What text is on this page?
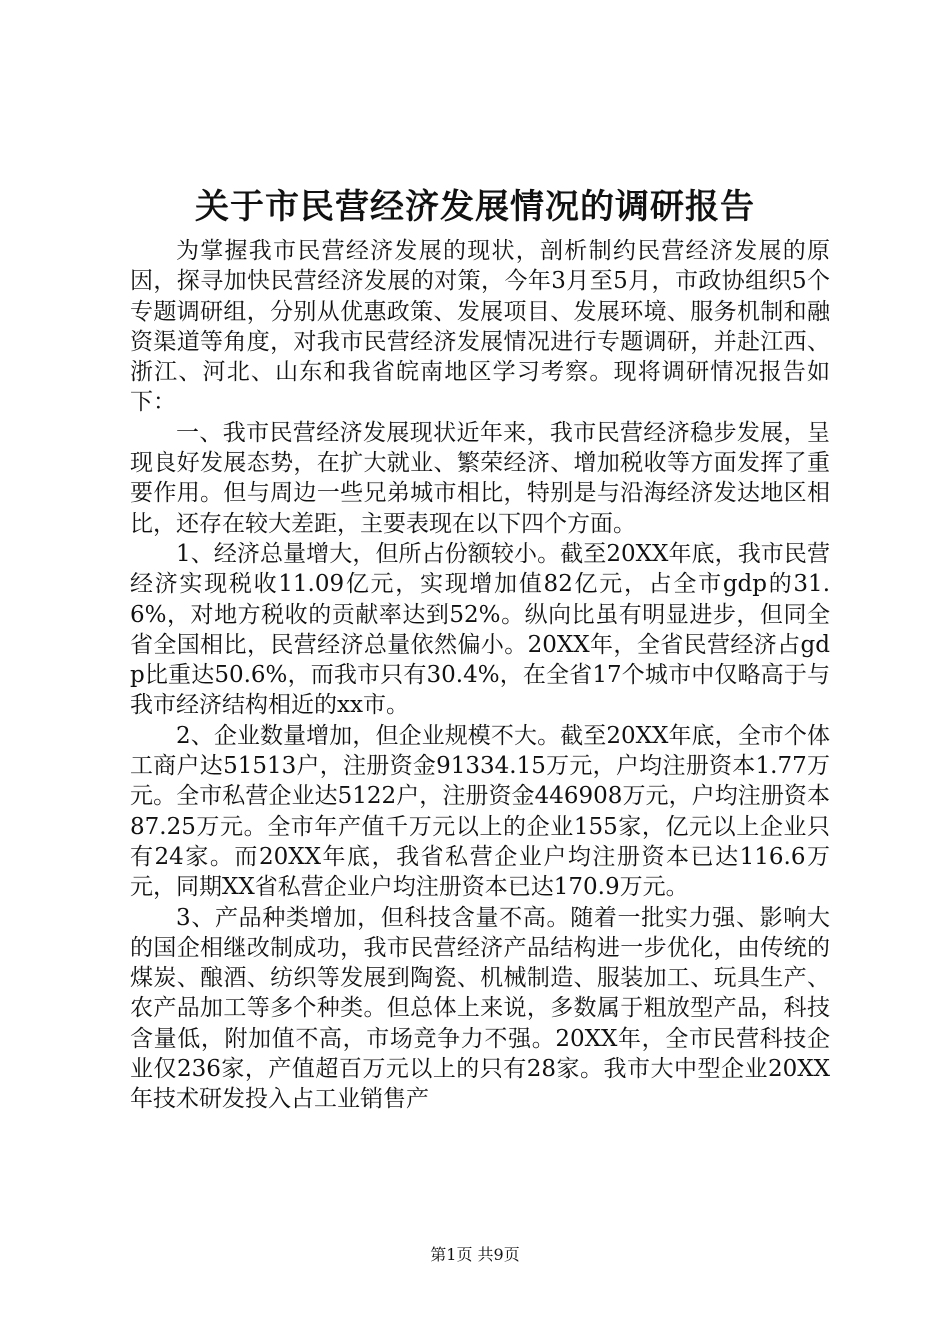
关于市民营经济发展情况的调研报告

为掌握我市民营经济发展的现状，剖析制约民营经济发展的原因，探寻加快民营经济发展的对策，今年3月至5月，市政协组织5个专题调研组，分别从优惠政策、发展项目、发展环境、服务机制和融资渠道等角度，对我市民营经济发展情况进行专题调研，并赴江西、浙江、河北、山东和我省皖南地区学习考察。现将调研情况报告如下：

一、我市民营经济发展现状近年来，我市民营经济稳步发展，呈现良好发展态势，在扩大就业、繁荣经济、增加税收等方面发挥了重要作用。但与周边一些兄弟城市相比，特别是与沿海经济发达地区相比，还存在较大差距，主要表现在以下四个方面。

1、经济总量增大，但所占份额较小。截至20XX年底，我市民营经济实现税收11.09亿元，实现增加值82亿元，占全市gdp的31.6%，对地方税收的贡献率达到52%。纵向比虽有明显进步，但同全省全国相比，民营经济总量依然偏小。20XX年，全省民营经济占gdp比重达50.6%，而我市只有30.4%，在全省17个城市中仅略高于与我市经济结构相近的xx市。

2、企业数量增加，但企业规模不大。截至20XX年底，全市个体工商户达51513户，注册资金91334.15万元，户均注册资本1.77万元。全市私营企业达5122户，注册资金446908万元，户均注册资本87.25万元。全市年产值千万元以上的企业155家，亿元以上企业只有24家。而20XX年底，我省私营企业户均注册资本已达116.6万元，同期XX省私营企业户均注册资本已达170.9万元。

3、产品种类增加，但科技含量不高。随着一批实力强、影响大的国企相继改制成功，我市民营经济产品结构进一步优化，由传统的煤炭、酿酒、纺织等发展到陶瓷、机械制造、服装加工、玩具生产、农产品加工等多个种类。但总体上来说，多数属于粗放型产品，科技含量低，附加值不高，市场竞争力不强。20XX年，全市民营科技企业仅236家，产值超百万元以上的只有28家。我市大中型企业20XX年技术研发投入占工业销售产

第1页 共9页
